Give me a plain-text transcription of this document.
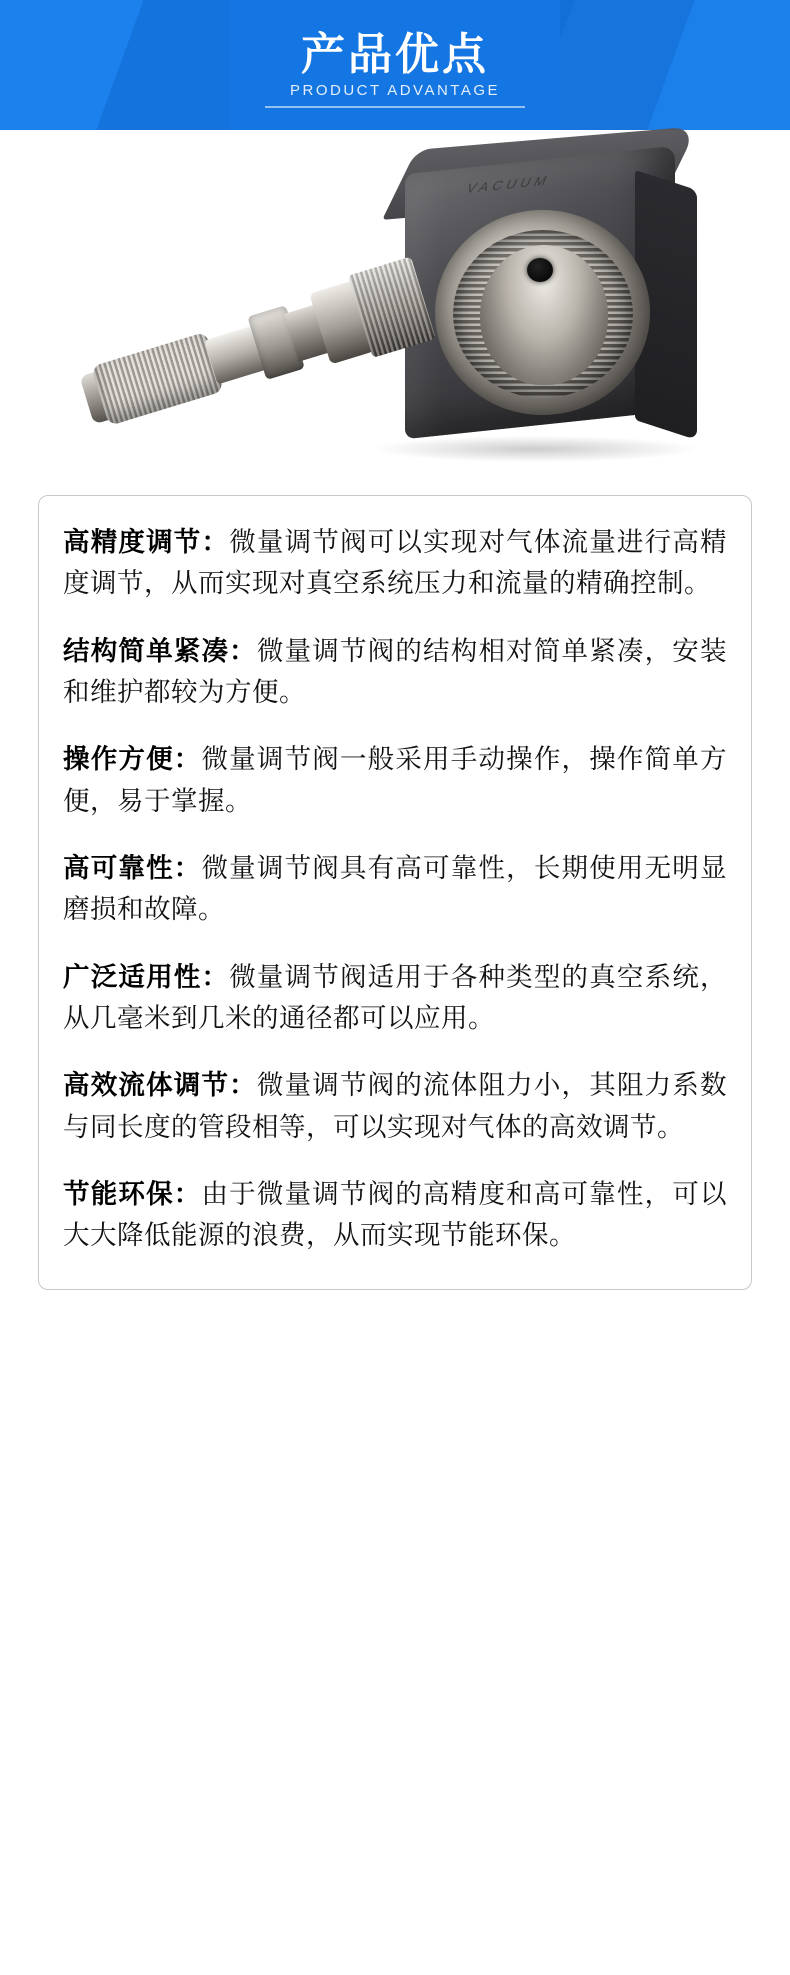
产品优点
PRODUCT ADVANTAGE
VACUUM

高精度调节：微量调节阀可以实现对气体流量进行高精度调节，从而实现对真空系统压力和流量的精确控制。

结构简单紧凑：微量调节阀的结构相对简单紧凑，安装和维护都较为方便。

操作方便：微量调节阀一般采用手动操作，操作简单方便，易于掌握。

高可靠性：微量调节阀具有高可靠性，长期使用无明显磨损和故障。

广泛适用性：微量调节阀适用于各种类型的真空系统，从几毫米到几米的通径都可以应用。

高效流体调节：微量调节阀的流体阻力小，其阻力系数与同长度的管段相等，可以实现对气体的高效调节。

节能环保：由于微量调节阀的高精度和高可靠性，可以大大降低能源的浪费，从而实现节能环保。
